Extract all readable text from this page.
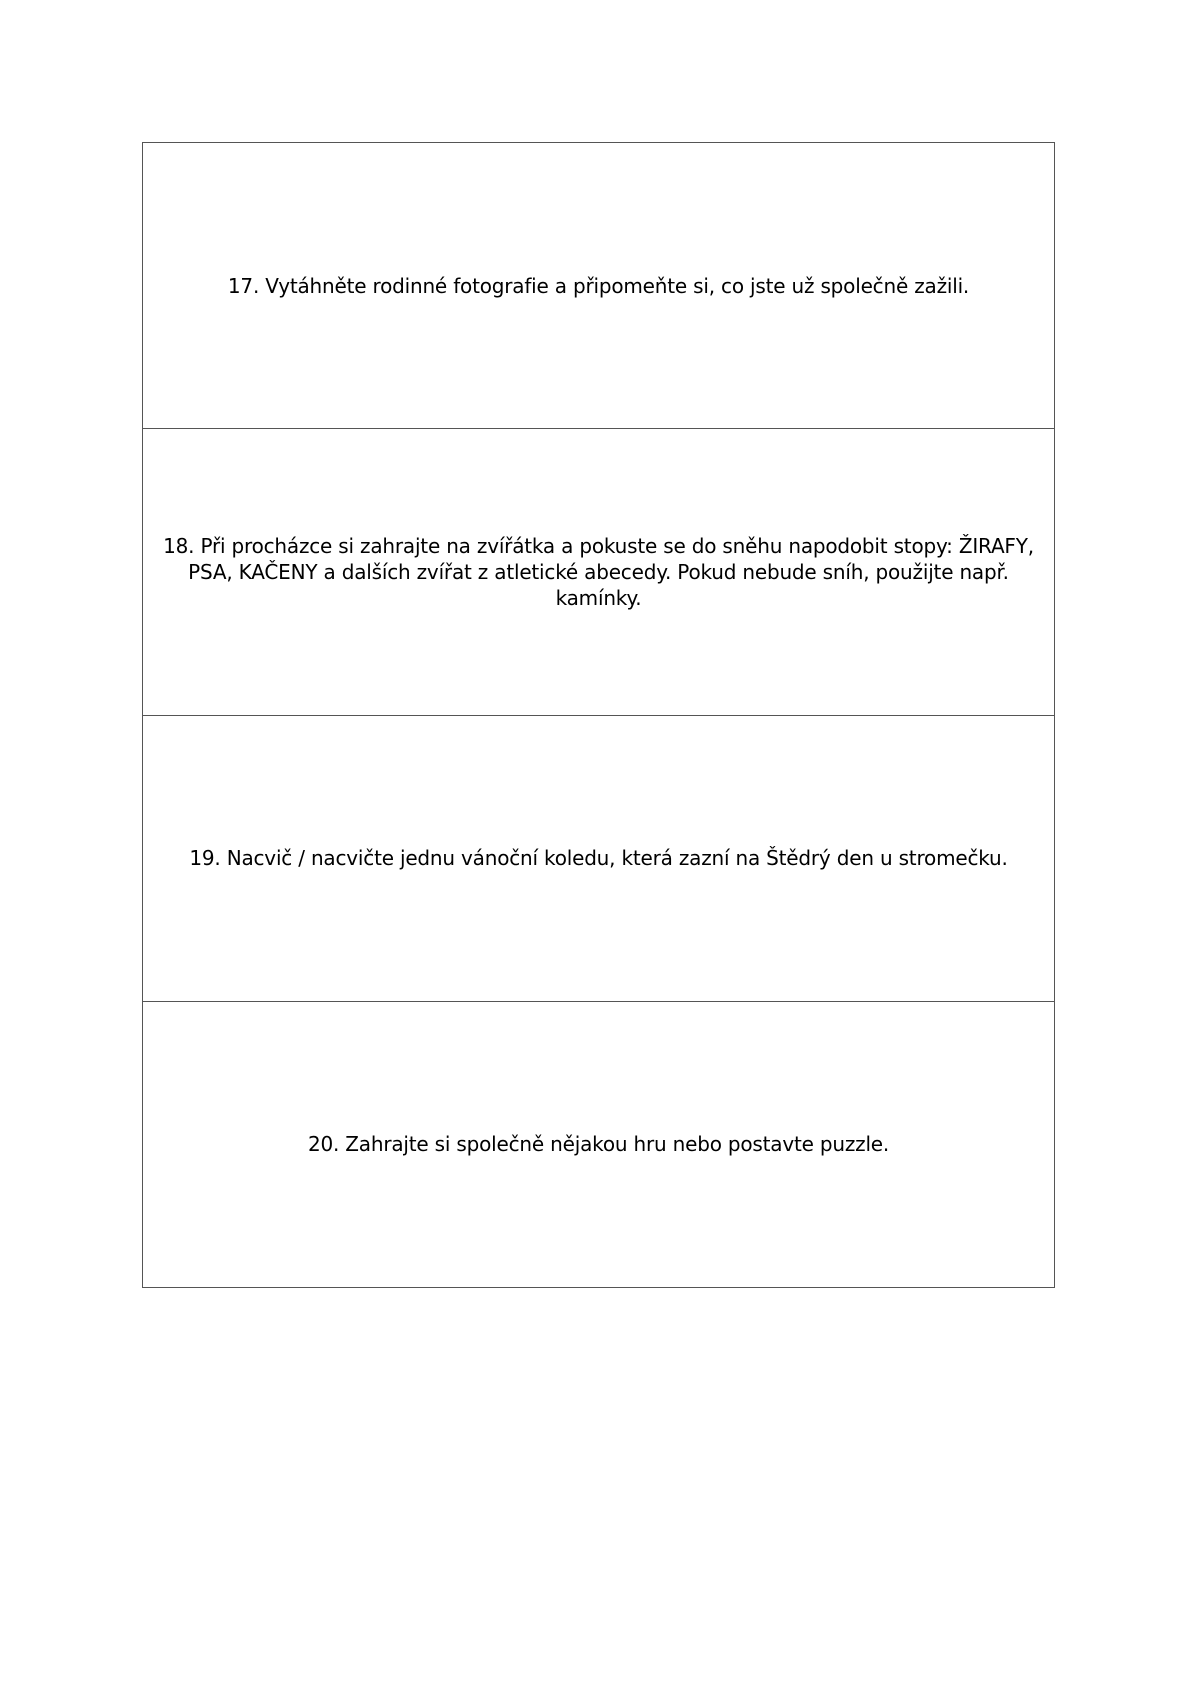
17. Vytáhněte rodinné fotografie a připomeňte si, co jste už společně zažili.

18. Při procházce si zahrajte na zvířátka a pokuste se do sněhu napodobit stopy: ŽIRAFY, PSA, KAČENY a dalších zvířat z atletické abecedy. Pokud nebude sníh, použijte např. kamínky.

19. Nacvič / nacvičte jednu vánoční koledu, která zazní na Štědrý den u stromečku.

20. Zahrajte si společně nějakou hru nebo postavte puzzle.
